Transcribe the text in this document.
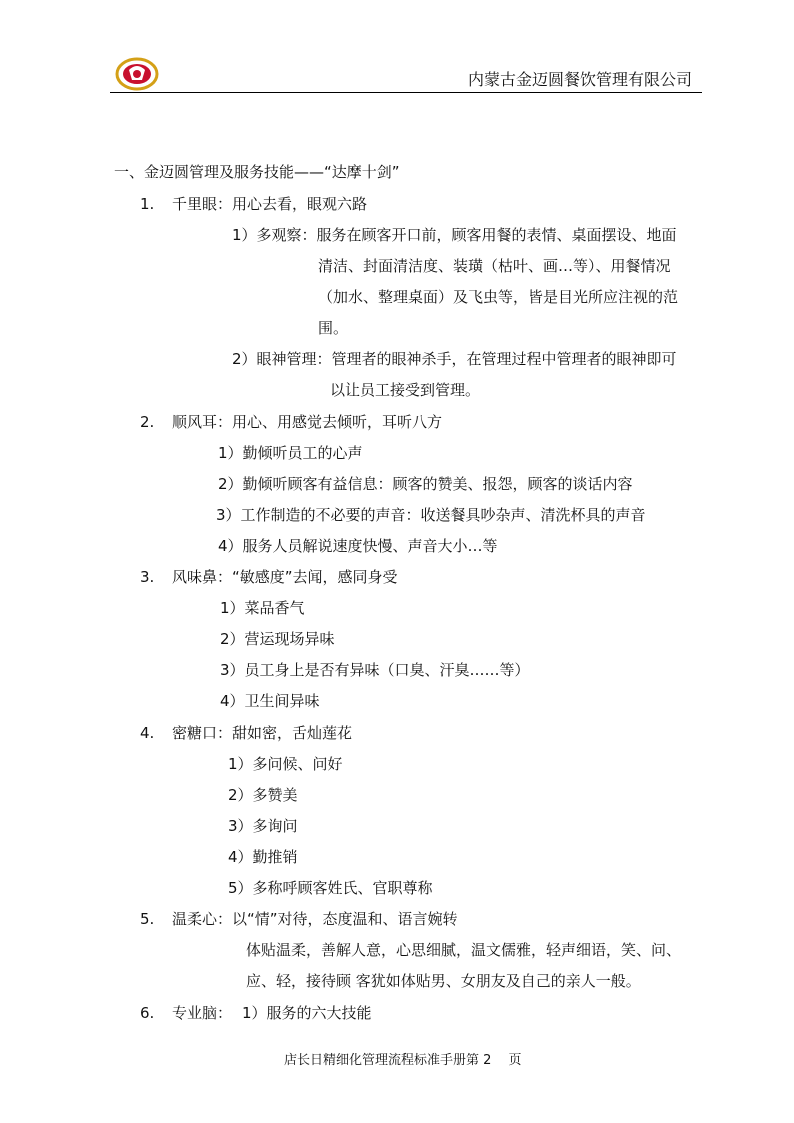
内蒙古金迈圆餐饮管理有限公司
一、金迈圆管理及服务技能——“达摩十剑”
1. 千里眼：用心去看，眼观六路
1）多观察：服务在顾客开口前，顾客用餐的表情、桌面摆设、地面
清洁、封面清洁度、装璜（枯叶、画…等）、用餐情况
（加水、整理桌面）及飞虫等，皆是目光所应注视的范
围。
2）眼神管理：管理者的眼神杀手，在管理过程中管理者的眼神即可
以让员工接受到管理。
2. 顺风耳：用心、用感觉去倾听，耳听八方
1）勤倾听员工的心声
2）勤倾听顾客有益信息：顾客的赞美、报怨，顾客的谈话内容
3）工作制造的不必要的声音：收送餐具吵杂声、清洗杯具的声音
4）服务人员解说速度快慢、声音大小…等
3. 风味鼻：“敏感度”去闻，感同身受
1）菜品香气
2）营运现场异味
3）员工身上是否有异味（口臭、汗臭……等）
4）卫生间异味
4. 密糖口：甜如密，舌灿莲花
1）多问候、问好
2）多赞美
3）多询问
4）勤推销
5）多称呼顾客姓氏、官职尊称
5. 温柔心：以“情”对待，态度温和、语言婉转
体贴温柔，善解人意，心思细腻，温文儒雅，轻声细语，笑、问、
应、轻，接待顾 客犹如体贴男、女朋友及自己的亲人一般。
6. 专业脑： 1）服务的六大技能
店长日精细化管理流程标准手册第 2　 页
